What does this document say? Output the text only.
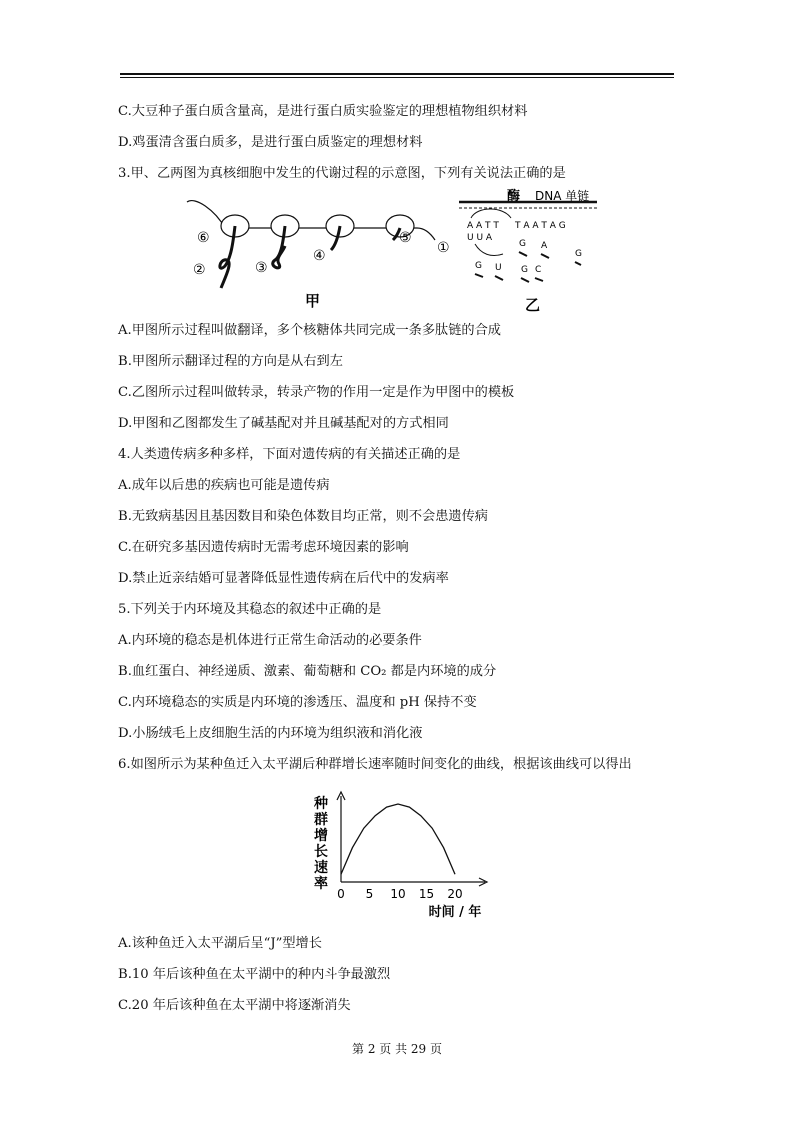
C.大豆种子蛋白质含量高，是进行蛋白质实验鉴定的理想植物组织材料
D.鸡蛋清含蛋白质多，是进行蛋白质鉴定的理想材料
3.甲、乙两图为真核细胞中发生的代谢过程的示意图，下列有关说法正确的是
⑥
②	③
④
⑤
①
甲
酶 DNA 单链
A A T T
U U A
T A A T A G
G A
G U G C
G
乙
A.甲图所示过程叫做翻译，多个核糖体共同完成一条多肽链的合成
B.甲图所示翻译过程的方向是从右到左
C.乙图所示过程叫做转录，转录产物的作用一定是作为甲图中的模板
D.甲图和乙图都发生了碱基配对并且碱基配对的方式相同
4.人类遗传病多种多样，下面对遗传病的有关描述正确的是
A.成年以后患的疾病也可能是遗传病
B.无致病基因且基因数目和染色体数目均正常，则不会患遗传病
C.在研究多基因遗传病时无需考虑环境因素的影响
D.禁止近亲结婚可显著降低显性遗传病在后代中的发病率
5.下列关于内环境及其稳态的叙述中正确的是
A.内环境的稳态是机体进行正常生命活动的必要条件
B.血红蛋白、神经递质、激素、葡萄糖和 CO₂ 都是内环境的成分
C.内环境稳态的实质是内环境的渗透压、温度和 pH 保持不变
D.小肠绒毛上皮细胞生活的内环境为组织液和消化液
6.如图所示为某种鱼迁入太平湖后种群增长速率随时间变化的曲线，根据该曲线可以得出
种
群
增
长
速
率
0 5 10 15 20
时间 / 年
A.该种鱼迁入太平湖后呈“J”型增长
B.10 年后该种鱼在太平湖中的种内斗争最激烈
C.20 年后该种鱼在太平湖中将逐渐消失
第 2 页 共 29 页
